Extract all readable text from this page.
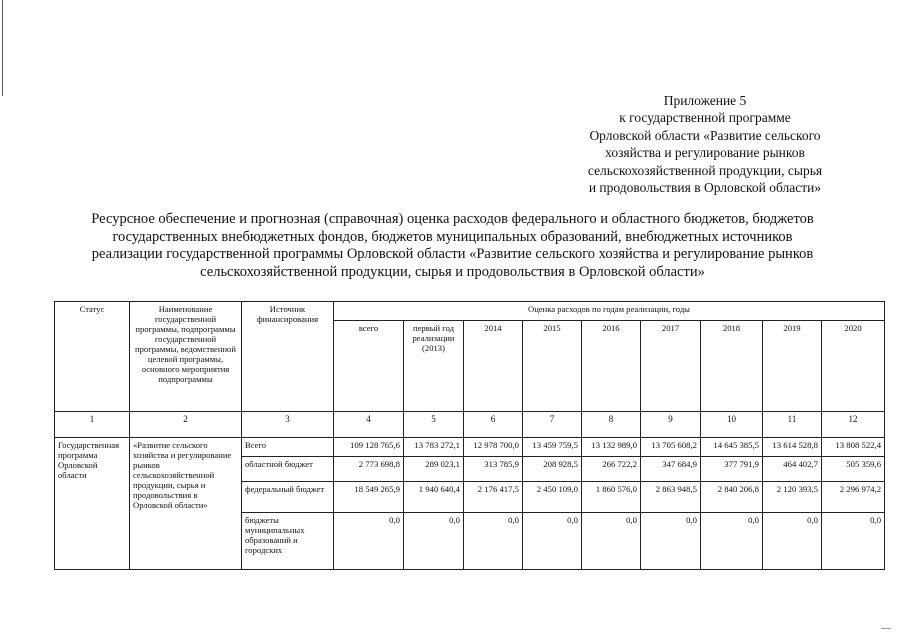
Приложение 5
к государственной программе
Орловской области «Развитие сельского
хозяйства и регулирование рынков
сельскохозяйственной продукции, сырья
и продовольствия в Орловской области»
Ресурсное обеспечение и прогнозная (справочная) оценка расходов федерального и областного бюджетов, бюджетов
государственных внебюджетных фондов, бюджетов муниципальных образований, внебюджетных источников
реализации государственной программы Орловской области «Развитие сельского хозяйства и регулирование рынков
сельскохозяйственной продукции, сырья и продовольствия в Орловской области»
Статус	Наименование государственной программы, подпрограммы государственной программы, ведомственной целевой программы, основного мероприятия подпрограммы	Источник финансирования	Оценка расходов по годам реализации, годы								
			всего	первый год реализации (2013)	2014	2015	2016	2017	2018	2019	2020
1	2	3	4	5	6	7	8	9	10	11	12
Государственная программа Орловской области	«Развитие сельского хозяйства и регулирование рынков сельскохозяйственной продукции, сырья и продовольствия в Орловской области»	Всего	109 128 765,6	13 783 272,1	12 978 700,0	13 459 759,5	13 132 989,0	13 705 608,2	14 645 385,5	13 614 528,8	13 808 522,4
		областной бюджет	2 773 698,8	289 023,1	313 785,9	208 928,5	266 722,2	347 684,9	377 791,9	464 402,7	505 359,6
		федеральный бюджет	18 549 265,9	1 940 640,4	2 176 417,5	2 450 109,0	1 860 576,0	2 863 948,5	2 840 206,8	2 120 393,5	2 296 974,2
		бюджеты муниципальных образований и городских	0,0	0,0	0,0	0,0	0,0	0,0	0,0	0,0	0,0
—
